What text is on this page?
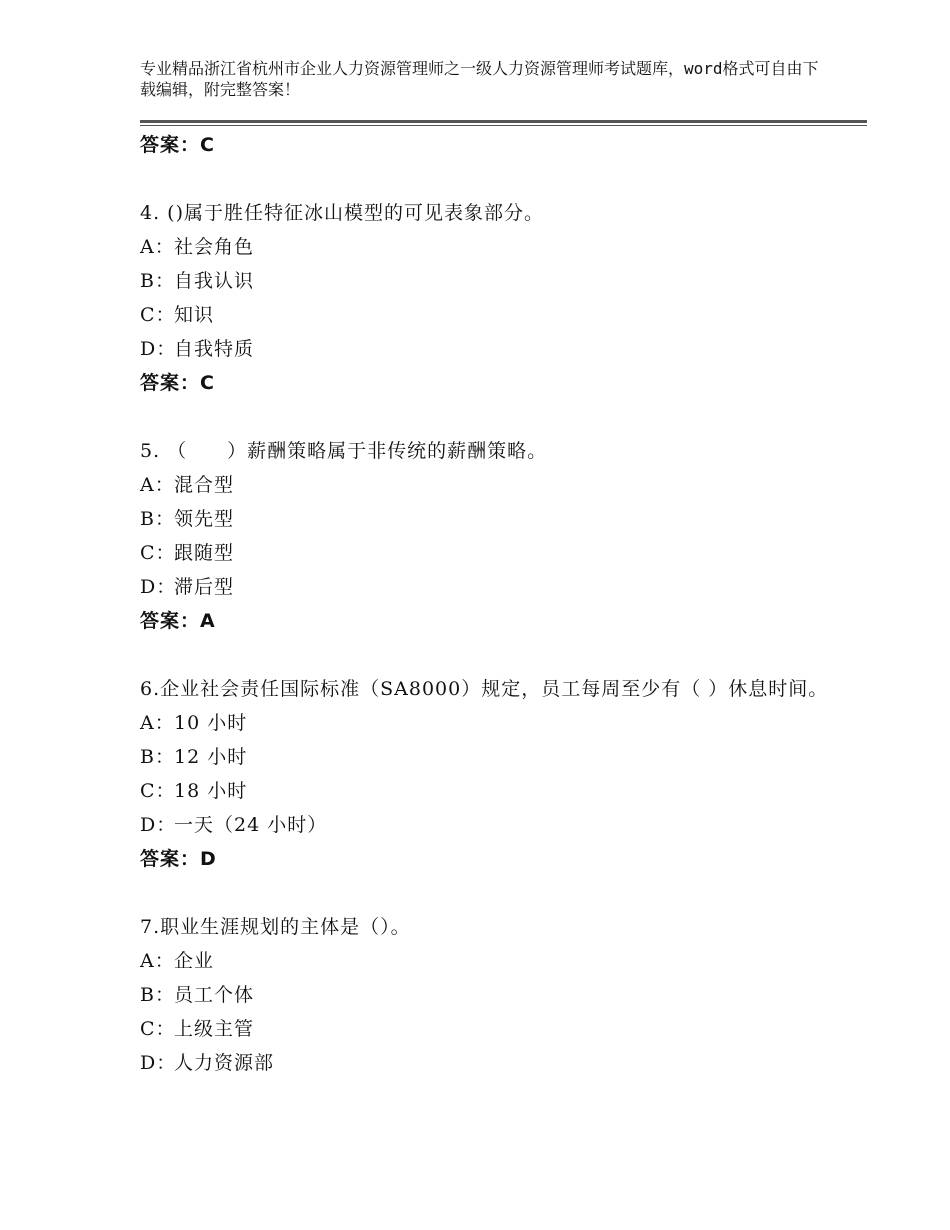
专业精品浙江省杭州市企业人力资源管理师之一级人力资源管理师考试题库，word格式可自由下载编辑，附完整答案！
答案：C
4. ()属于胜任特征冰山模型的可见表象部分。
A：社会角色
B：自我认识
C：知识
D：自我特质
答案：C
5. （　　）薪酬策略属于非传统的薪酬策略。
A：混合型
B：领先型
C：跟随型
D：滞后型
答案：A
6.企业社会责任国际标准（SA8000）规定，员工每周至少有（ ）休息时间。
A：10 小时
B：12 小时
C：18 小时
D：一天（24 小时）
答案：D
7.职业生涯规划的主体是（）。
A：企业
B：员工个体
C：上级主管
D：人力资源部
